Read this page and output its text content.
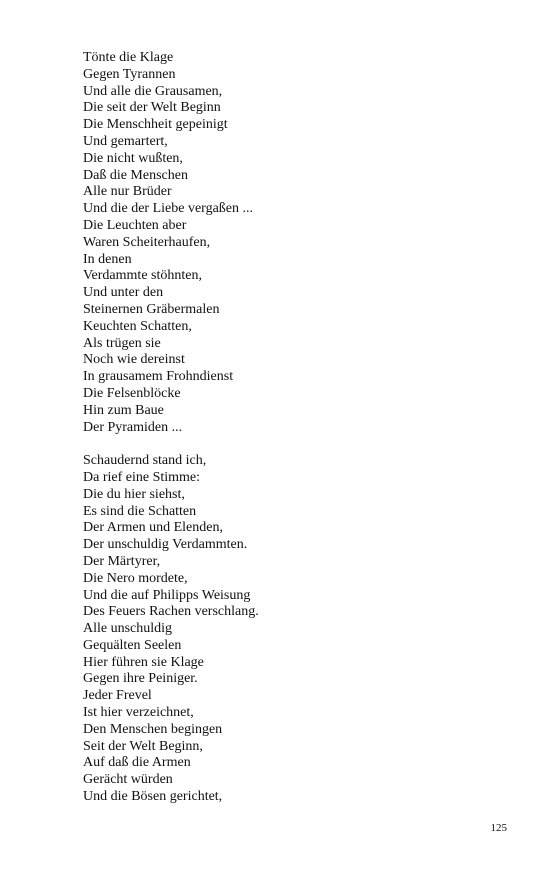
Tönte die Klage
Gegen Tyrannen
Und alle die Grausamen,
Die seit der Welt Beginn
Die Menschheit gepeinigt
Und gemartert,
Die nicht wußten,
Daß die Menschen
Alle nur Brüder
Und die der Liebe vergaßen ...
Die Leuchten aber
Waren Scheiterhaufen,
In denen
Verdammte stöhnten,
Und unter den
Steinernen Gräbermalen
Keuchten Schatten,
Als trügen sie
Noch wie dereinst
In grausamem Frohndienst
Die Felsenblöcke
Hin zum Baue
Der Pyramiden ...
Schaudernd stand ich,
Da rief eine Stimme:
Die du hier siehst,
Es sind die Schatten
Der Armen und Elenden,
Der unschuldig Verdammten.
Der Märtyrer,
Die Nero mordete,
Und die auf Philipps Weisung
Des Feuers Rachen verschlang.
Alle unschuldig
Gequälten Seelen
Hier führen sie Klage
Gegen ihre Peiniger.
Jeder Frevel
Ist hier verzeichnet,
Den Menschen begingen
Seit der Welt Beginn,
Auf daß die Armen
Gerächt würden
Und die Bösen gerichtet,
125
